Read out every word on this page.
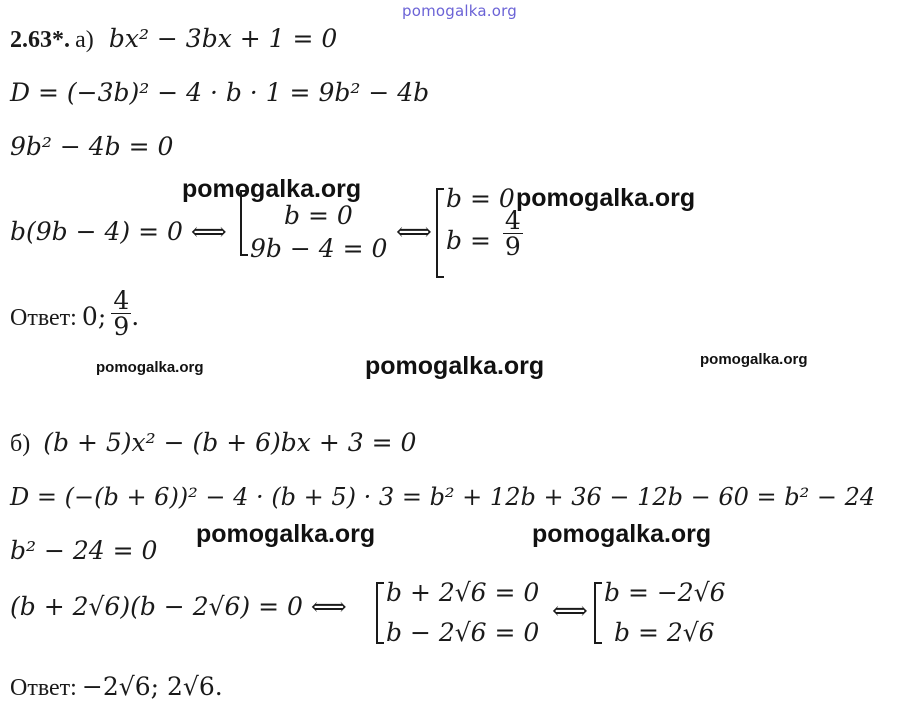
pomogalka.org
2.63*. а) bx² − 3bx + 1 = 0
D = (−3b)² − 4 · b · 1 = 9b² − 4b
9b² − 4b = 0
pomogalka.org
b(9b − 4) = 0 ⟺
b = 0
9b − 4 = 0
⟺
b = 0 pomogalka.org
$b = \frac{4}{9}$
Ответ: 0; $\frac{4}{9}$ .
pomogalka.org	pomogalka.org	pomogalka.org
б) (b + 5)x² − (b + 6)bx + 3 = 0
D = (−(b + 6))² − 4 · (b + 5) · 3 = b² + 12b + 36 − 12b − 60 = b² − 24
pomogalka.org	pomogalka.org
b² − 24 = 0
(b + 2√6)(b − 2√6) = 0 ⟺ b + 2√6 = 0
b − 2√6 = 0
⟺
b = −2√6
b = 2√6
Ответ: −2√6; 2√6.
